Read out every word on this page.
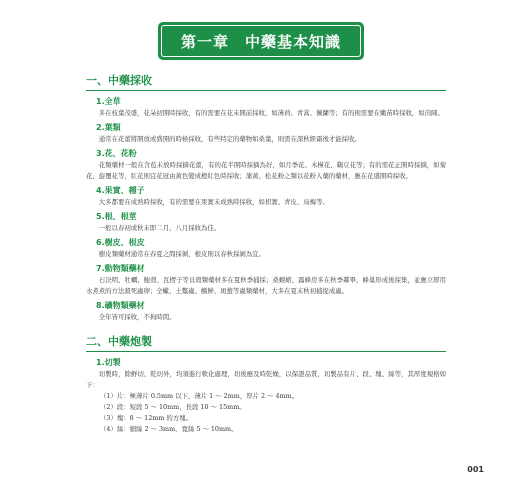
第一章　中藥基本知識
一、中藥採收
1.全草

多在枝葉茂盛，花朵初開時採收，有的需要在花未開前採收，如薄荷、青蒿、佩蘭等；有的則需要在嫩苗時採收，如茵陳。

2.葉類

通常在花蕾將開放或盛開的時候採收，有些特定的藥物如桑葉，則需在深秋經霜後才能採收。

3.花、花粉

花類藥材一般在含苞未放時採摘花蕾，有的花半開時採摘為好，如月季花、木槿花、鷄豆花等；有的需花正開時採摘，如菊花、旋覆花等，紅花則宜花冠由黃色變成橙紅色時採收；蒲黃、松花粉之類以花粉入藥的藥材，應在花盛開時採收。

4.果實、種子

大多都要在成熟時採收，有的需要在果實未成熟時採收，如枳實、青皮、烏梅等。

5.根、根莖

一般以春初或秋末即二月、八月採收為佳。

6.樹皮、根皮

樹皮類藥材通常在春夏之間採剝，根皮則以春秋採剝為宜。

7.動物類藥材

石決明、牡蠣、鮑殼、瓦楞子等貝殼類藥材多在夏秋季捕採；桑螵蛸、露蜂房多在秋季鄰畢，蜂巢形成後採集，並應立即用水煮煮的方法殺死蟲卵；全蠍、土鱉蟲、鰭鮮、斑蝥等蟲類藥材，大多在夏末秋初捕捉成蟲。

8.礦物類藥材

全年皆可採收，不拘時間。

二、中藥炮製
1.切製

切製時，除鮮切、乾切外，均須進行軟化處理，切後應及時乾燥，以保證品質，切製品有片、段、塊、絲等，其厚度規格如下：

（1）片：極薄片 0.5mm 以下，薄片 1 ～ 2mm，厚片 2 ～ 4mm。
（2）段：短段 5 ～ 10mm，長段 10 ～ 15mm。
（3）塊：8 ～ 12mm 的方塊。
（4）絲：細絲 2 ～ 3mm，寬絲 5 ～ 10mm。
001
